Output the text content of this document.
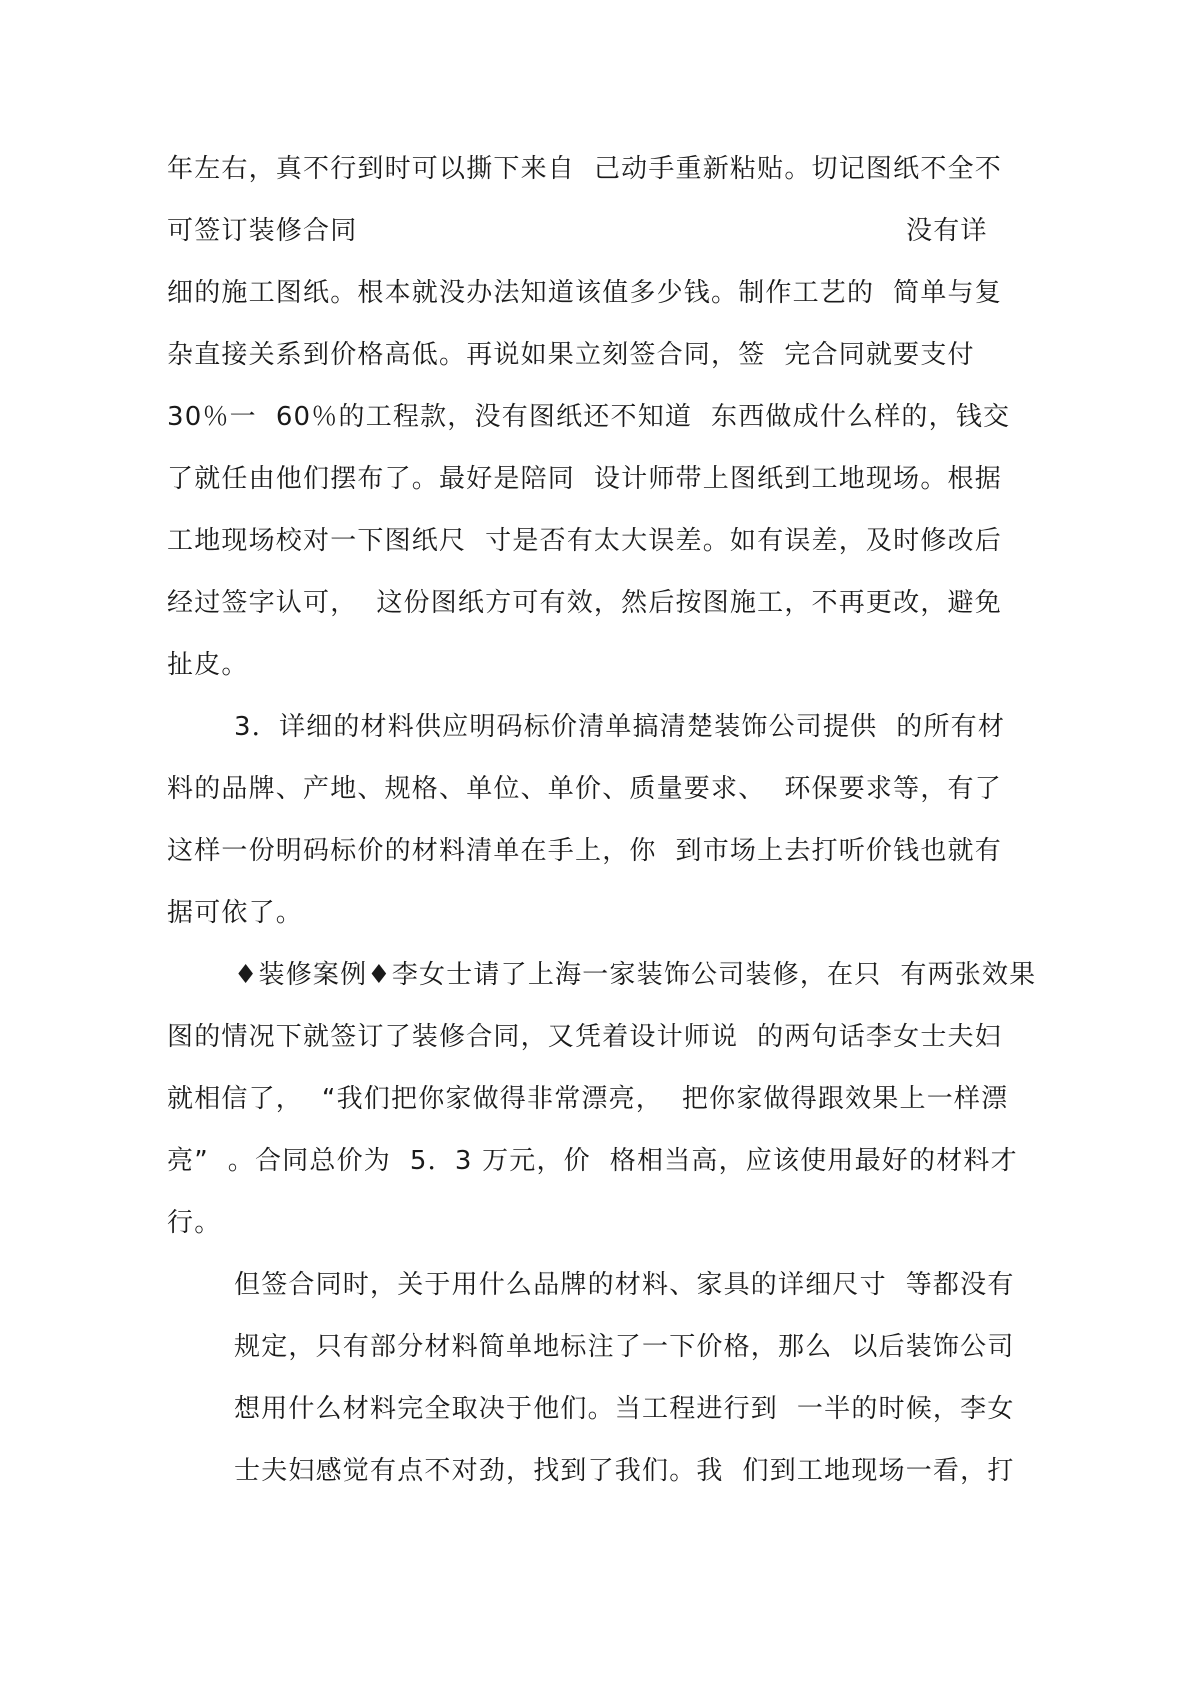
年左右，真不行到时可以撕下来自  己动手重新粘贴。切记图纸不全不
可签订装修合同	没有详
细的施工图纸。根本就没办法知道该值多少钱。制作工艺的  简单与复
杂直接关系到价格高低。再说如果立刻签合同，签  完合同就要支付
30％一  60％的工程款，没有图纸还不知道  东西做成什么样的，钱交
了就任由他们摆布了。最好是陪同  设计师带上图纸到工地现场。根据
工地现场校对一下图纸尺  寸是否有太大误差。如有误差，及时修改后
经过签字认可，  这份图纸方可有效，然后按图施工，不再更改，避免
扯皮。
3．详细的材料供应明码标价清单搞清楚装饰公司提供  的所有材
料的品牌、产地、规格、单位、单价、质量要求、  环保要求等，有了
这样一份明码标价的材料清单在手上，你  到市场上去打听价钱也就有
据可依了。
♦装修案例♦李女士请了上海一家装饰公司装修，在只  有两张效果
图的情况下就签订了装修合同，又凭着设计师说  的两句话李女士夫妇
就相信了，  “我们把你家做得非常漂亮，  把你家做得跟效果上一样漂
亮”  。合同总价为  5．3 万元，价  格相当高，应该使用最好的材料才
行。
但签合同时，关于用什么品牌的材料、家具的详细尺寸  等都没有
规定，只有部分材料简单地标注了一下价格，那么  以后装饰公司
想用什么材料完全取决于他们。当工程进行到  一半的时候，李女
士夫妇感觉有点不对劲，找到了我们。我  们到工地现场一看，打
